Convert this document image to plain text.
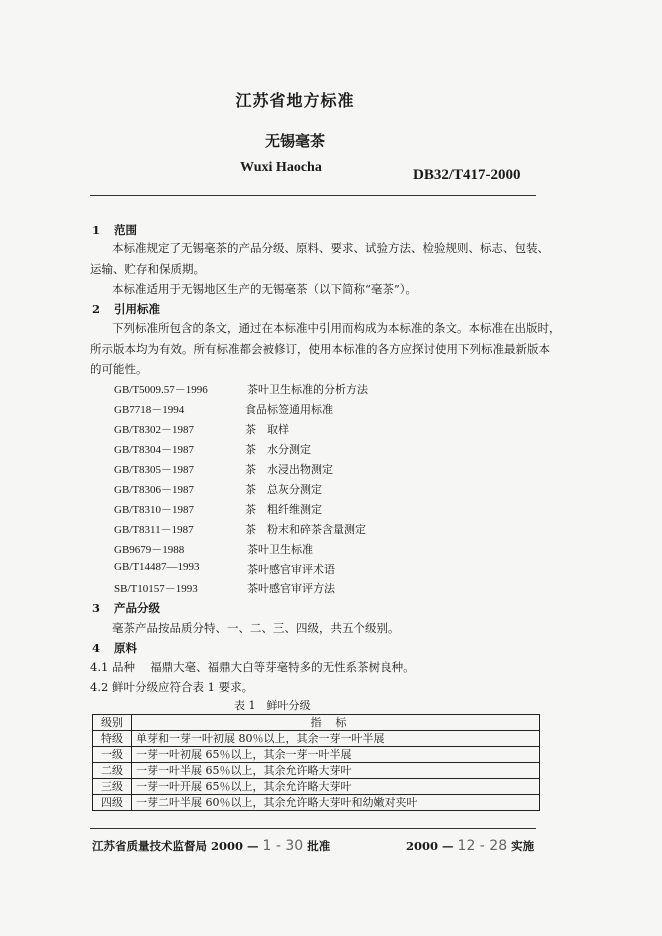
江苏省地方标准
无锡毫茶
Wuxi Haocha	DB32/T417-2000
1 范围
本标准规定了无锡毫茶的产品分级、原料、要求、试验方法、检验规则、标志、包装、
运输、贮存和保质期。
本标准适用于无锡地区生产的无锡毫茶（以下简称“毫茶”）。
2 引用标准
下列标准所包含的条文，通过在本标准中引用而构成为本标准的条文。本标准在出版时，
所示版本均为有效。所有标准都会被修订，使用本标准的各方应探讨使用下列标准最新版本
的可能性。
GB/T5009.57－1996	茶叶卫生标准的分析方法
GB7718－1994	食品标签通用标准
GB/T8302－1987	茶　取样
GB/T8304－1987	茶　水分测定
GB/T8305－1987	茶　水浸出物测定
GB/T8306－1987	茶　总灰分测定
GB/T8310－1987	茶　粗纤维测定
GB/T8311－1987	茶　粉末和碎茶含量测定
GB9679－1988	茶叶卫生标准
GB/T14487—1993	茶叶感官审评术语
SB/T10157－1993	茶叶感官审评方法
3 产品分级
毫茶产品按品质分特、一、二、三、四级，共五个级别。
4 原料
4.1 品种　 福鼎大毫、福鼎大白等芽毫特多的无性系茶树良种。
4.2 鲜叶分级应符合表 1 要求。
表 1　鲜叶分级
级别	指标
特级	单芽和一芽一叶初展 80％以上，其余一芽一叶半展
一级	一芽一叶初展 65％以上，其余一芽一叶半展
二级	一芽一叶半展 65％以上，其余允许略大芽叶
三级	一芽一叶开展 65％以上，其余允许略大芽叶
四级	一芽二叶半展 60％以上，其余允许略大芽叶和幼嫩对夹叶
江苏省质量技术监督局 2000 — 1 - 30 批准	2000 — 12 - 28 实施
